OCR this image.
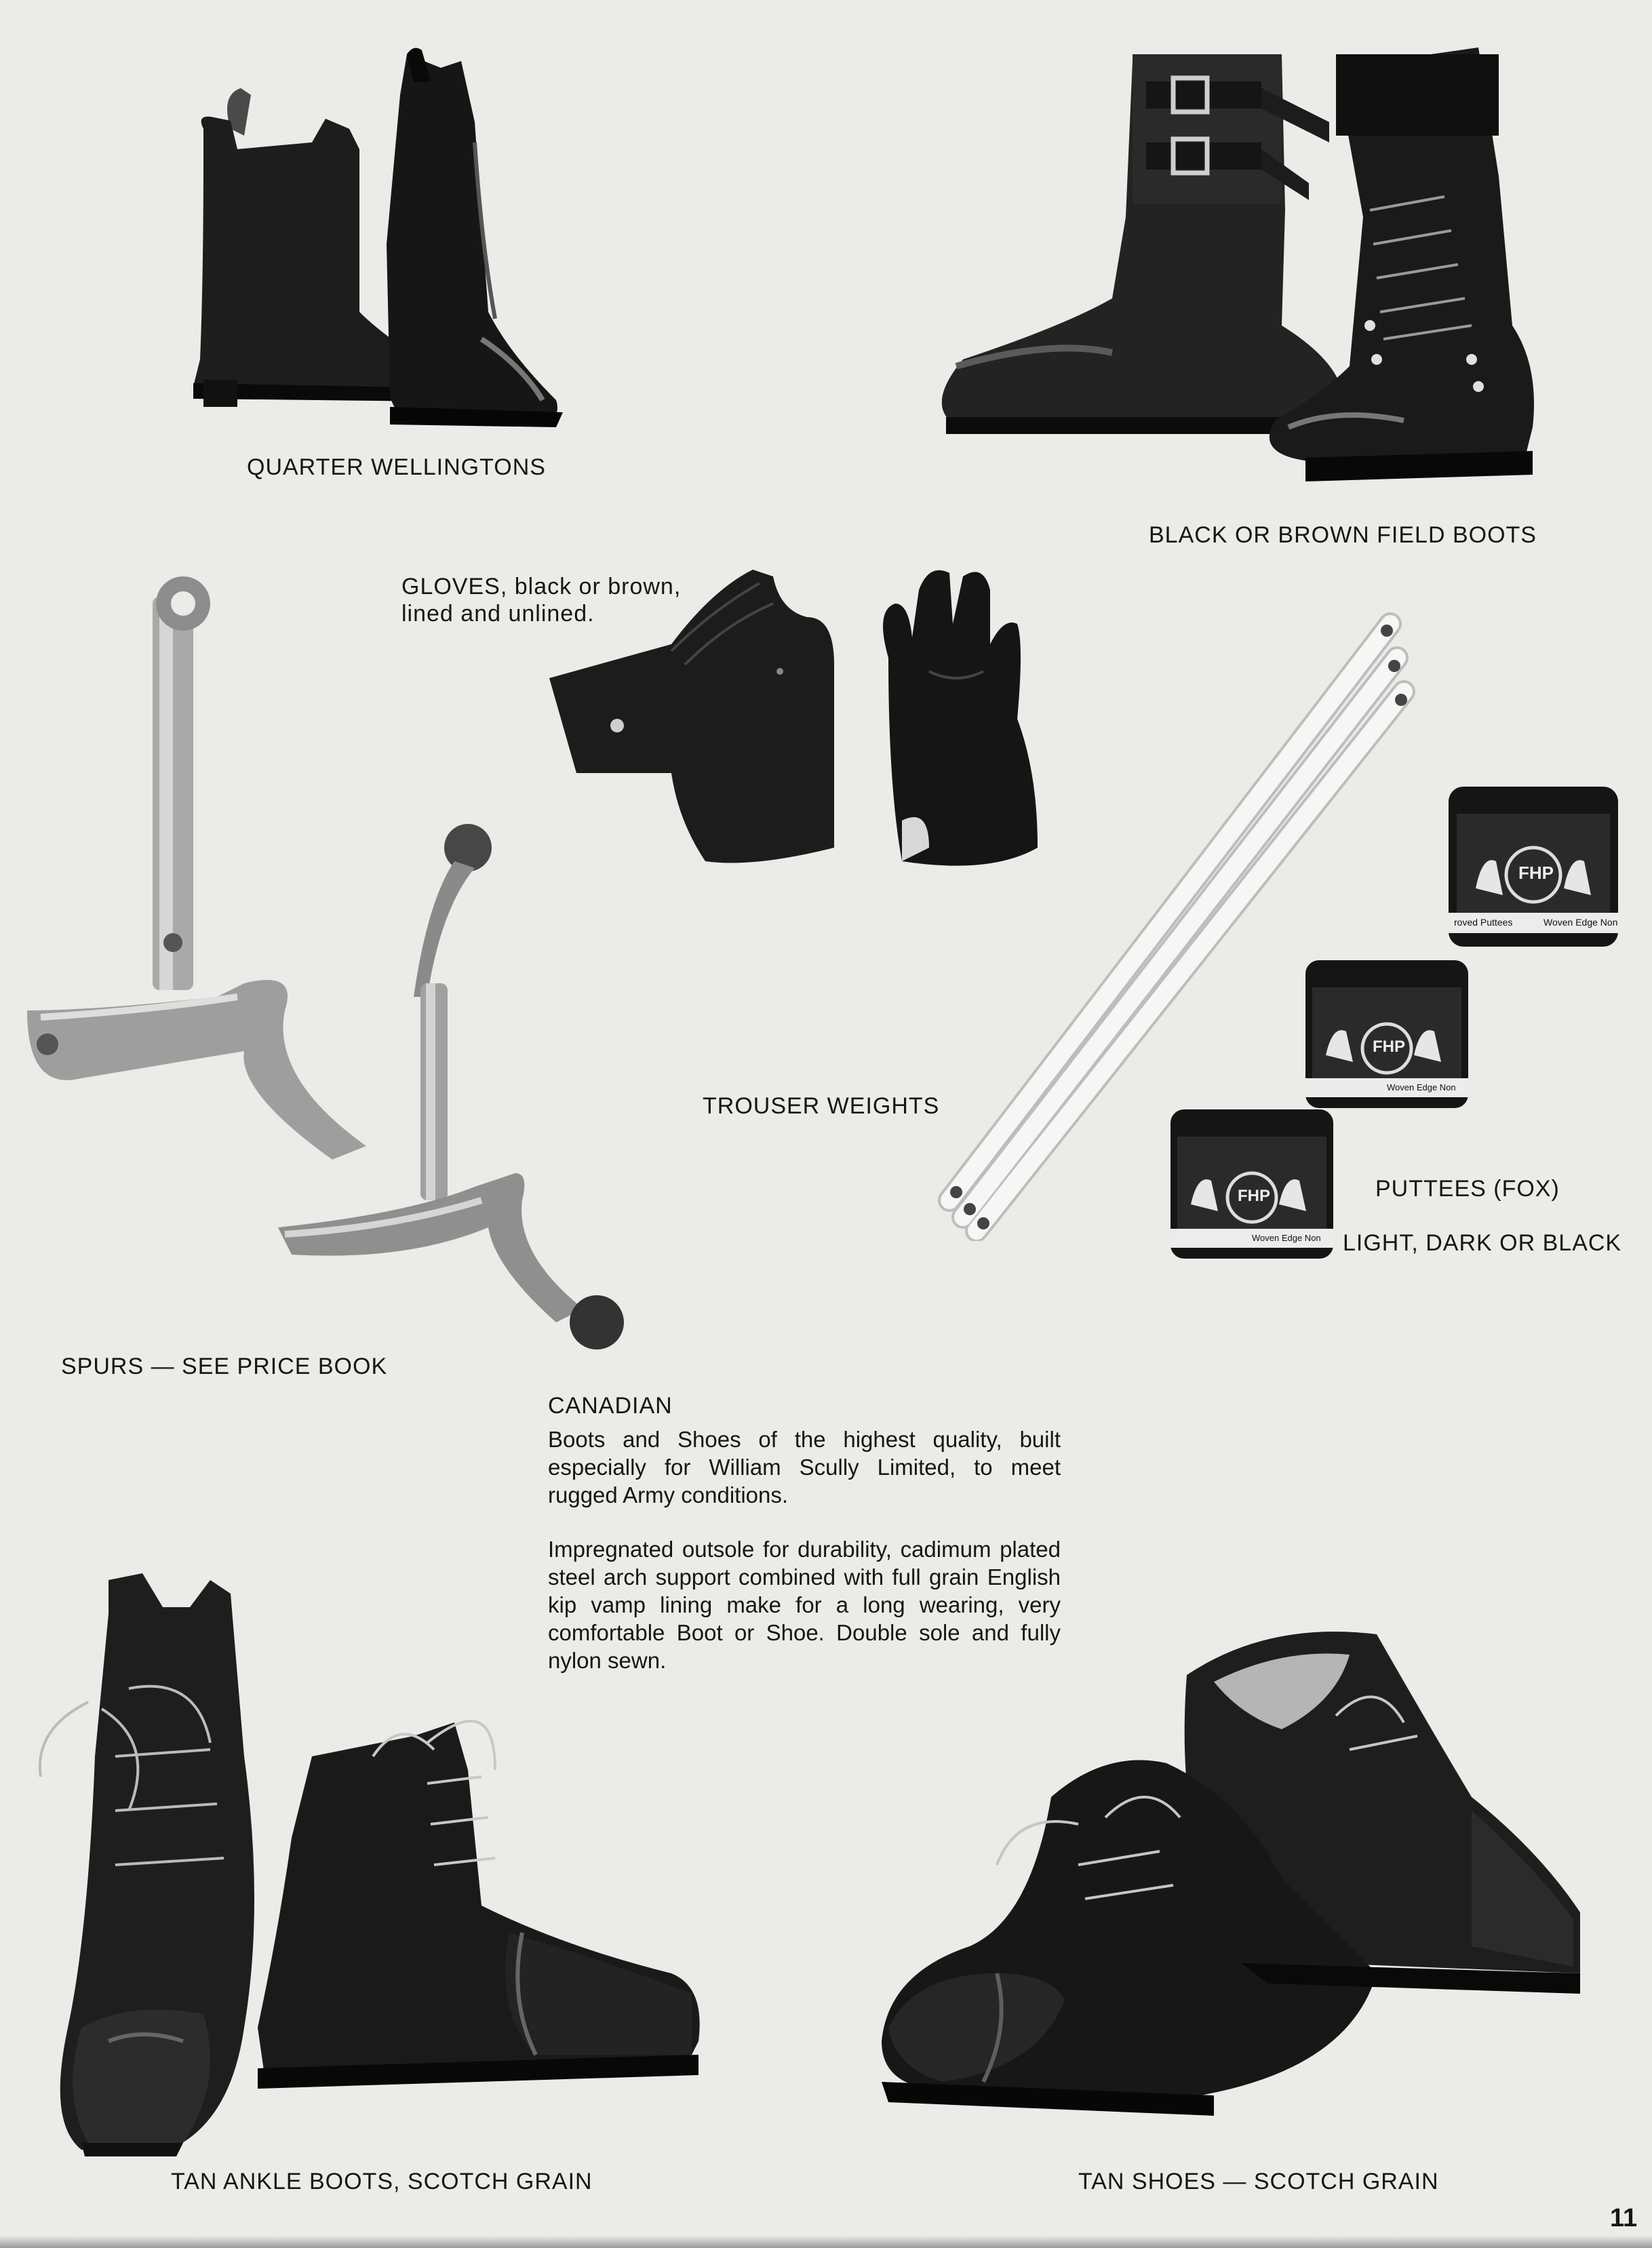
QUARTER WELLINGTONS
BLACK OR BROWN FIELD BOOTS
GLOVES, black or brown,
lined and unlined.
TROUSER WEIGHTS
FHP
Woven Edge Non
roved Puttees
FHP
Woven Edge Non
FHP
Woven Edge Non
PUTTEES (FOX)
LIGHT, DARK OR BLACK
SPURS — SEE PRICE BOOK
CANADIAN

Boots and Shoes of the highest quality, built especially for William Scully Limited, to meet rugged Army conditions.

Impregnated outsole for durability, cadimum plated steel arch support combined with full grain English kip vamp lining make for a long wearing, very comfortable Boot or Shoe. Double sole and fully nylon sewn.

TAN ANKLE BOOTS, SCOTCH GRAIN	TAN SHOES — SCOTCH GRAIN
11
